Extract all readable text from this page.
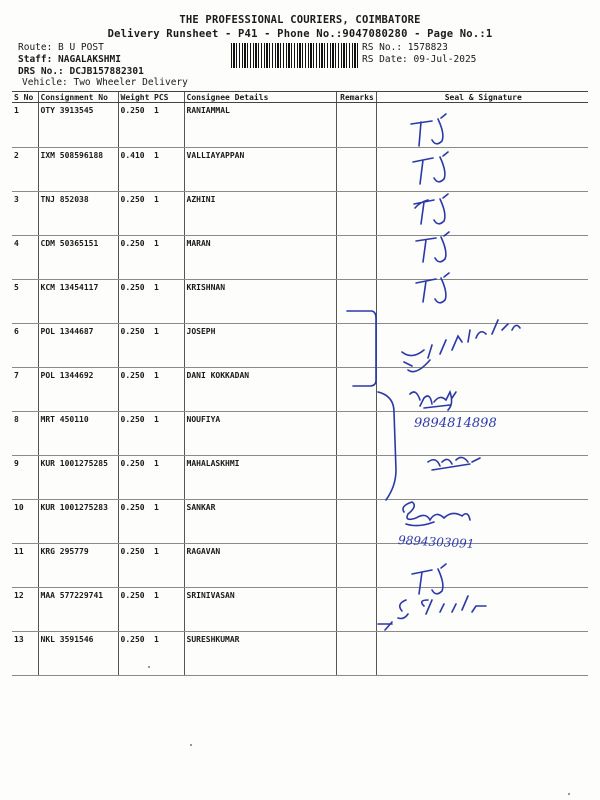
THE PROFESSIONAL COURIERS, COIMBATORE
Delivery Runsheet - P41 - Phone No.:9047080280 - Page No.:1
Route: B U POST
Staff: NAGALAKSHMI
DRS No.: DCJB157882301
Vehicle: Two Wheeler Delivery
RS No.: 1578823
RS Date: 09-Jul-2025
S No	Consignment No	Weight	PCS	Consignee Details	Remarks	Seal & Signature
1	OTY 3913545	0.250	1	RANIAMMAL		
2	IXM 508596188	0.410	1	VALLIAYAPPAN		
3	TNJ 852038	0.250	1	AZHINI		
4	CDM 50365151	0.250	1	MARAN		
5	KCM 13454117	0.250	1	KRISHNAN		
6	POL 1344687	0.250	1	JOSEPH		
7	POL 1344692	0.250	1	DANI KOKKADAN		
8	MRT 450110	0.250	1	NOUFIYA		
9	KUR 1001275285	0.250	1	MAHALASKHMI		
10	KUR 1001275283	0.250	1	SANKAR		
11	KRG 295779	0.250	1	RAGAVAN		
12	MAA 577229741	0.250	1	SRINIVASAN		
13	NKL 3591546	0.250	1	SURESHKUMAR		
9894814898
9894303091
